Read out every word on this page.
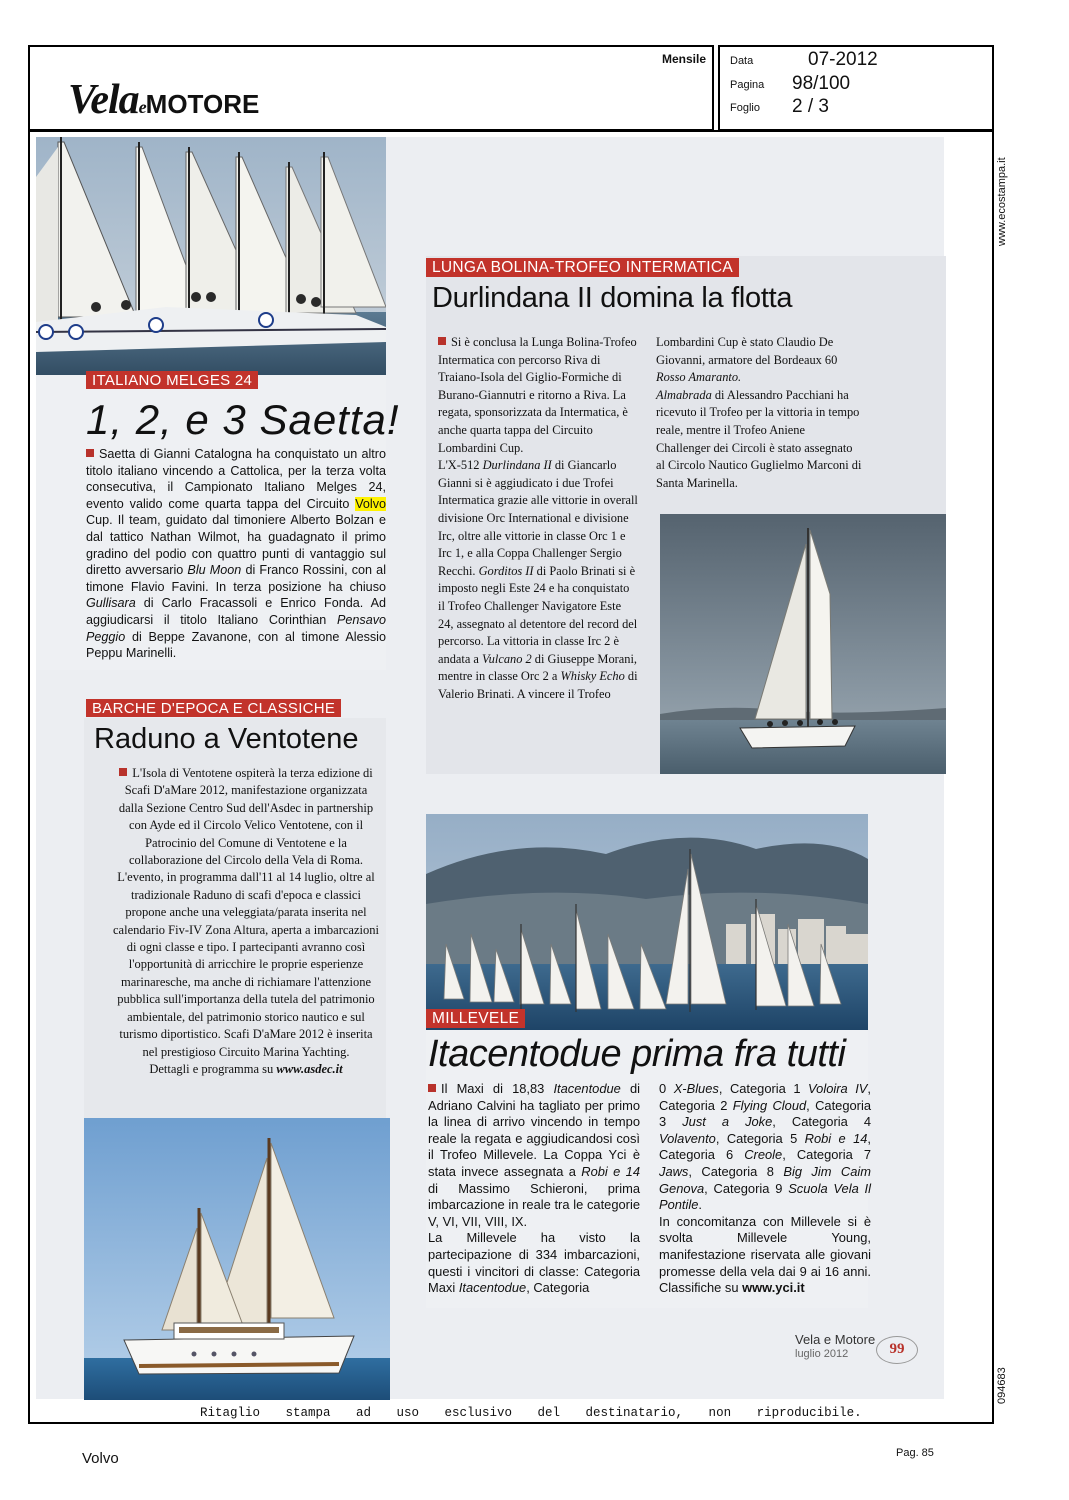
VelaeMOTORE
Mensile Data	07-2012
Pagina 98/100
Foglio 2 / 3
www.ecostampa.it
094683
ITALIANO MELGES 24
1, 2, e 3 Saetta!
Saetta di Gianni Catalogna ha conquistato un altro titolo italiano vincendo a Cattolica, per la terza volta consecutiva, il Campionato Italiano Melges 24, evento valido come quarta tappa del Circuito Volvo Cup. Il team, guidato dal timoniere Alberto Bolzan e dal tattico Nathan Wilmot, ha guadagnato il primo gradino del podio con quattro punti di vantaggio sul diretto avversario Blu Moon di Franco Rossini, con al timone Flavio Favini. In terza posizione ha chiuso Gullisara di Carlo Fracassoli e Enrico Fonda. Ad aggiudicarsi il titolo Italiano Corinthian Pensavo Peggio di Beppe Zavanone, con al timone Alessio Peppu Marinelli.
BARCHE D'EPOCA E CLASSICHE
Raduno a Ventotene
L'Isola di Ventotene ospiterà la terza edizione di Scafi D'aMare 2012, manifestazione organizzata dalla Sezione Centro Sud dell'Asdec in partnership con Ayde ed il Circolo Velico Ventotene, con il Patrocinio del Comune di Ventotene e la collaborazione del Circolo della Vela di Roma.
L'evento, in programma dall'11 al 14 luglio, oltre al tradizionale Raduno di scafi d'epoca e classici propone anche una veleggiata/parata inserita nel calendario Fiv-IV Zona Altura, aperta a imbarcazioni di ogni classe e tipo. I partecipanti avranno così l'opportunità di arricchire le proprie esperienze marinaresche, ma anche di richiamare l'attenzione pubblica sull'importanza della tutela del patrimonio ambientale, del patrimonio storico nautico e sul turismo diportistico. Scafi D'aMare 2012 è inserita nel prestigioso Circuito Marina Yachting.
Dettagli e programma su www.asdec.it
LUNGA BOLINA-TROFEO INTERMATICA
Durlindana II domina la flotta
Si è conclusa la Lunga Bolina-Trofeo Intermatica con percorso Riva di Traiano-Isola del Giglio-Formiche di Burano-Giannutri e ritorno a Riva. La regata, sponsorizzata da Intermatica, è anche quarta tappa del Circuito Lombardini Cup.
L'X-512 Durlindana II di Giancarlo Gianni si è aggiudicato i due Trofei Intermatica grazie alle vittorie in overall divisione Orc International e divisione Irc, oltre alle vittorie in classe Orc 1 e Irc 1, e alla Coppa Challenger Sergio Recchi. Gorditos II di Paolo Brinati si è imposto negli Este 24 e ha conquistato il Trofeo Challenger Navigatore Este 24, assegnato al detentore del record del percorso. La vittoria in classe Irc 2 è andata a Vulcano 2 di Giuseppe Morani, mentre in classe Orc 2 a Whisky Echo di Valerio Brinati. A vincere il Trofeo
Lombardini Cup è stato Claudio De Giovanni, armatore del Bordeaux 60 Rosso Amaranto.
Almabrada di Alessandro Pacchiani ha ricevuto il Trofeo per la vittoria in tempo reale, mentre il Trofeo Aniene Challenger dei Circoli è stato assegnato al Circolo Nautico Guglielmo Marconi di Santa Marinella.
MILLEVELE
Itacentodue prima fra tutti
Il Maxi di 18,83 Itacentodue di Adriano Calvini ha tagliato per primo la linea di arrivo vincendo in tempo reale la regata e aggiudicandosi così il Trofeo Millevele. La Coppa Yci è stata invece assegnata a Robi e 14 di Massimo Schieroni, prima imbarcazione in reale tra le categorie V, VI, VII, VIII, IX.
La Millevele ha visto la partecipazione di 334 imbarcazioni, questi i vincitori di classe: Categoria Maxi Itacentodue, Categoria
0 X-Blues, Categoria 1 Voloira IV, Categoria 2 Flying Cloud, Categoria 3 Just a Joke, Categoria 4 Volavento, Categoria 5 Robi e 14, Categoria 6 Creole, Categoria 7 Jaws, Categoria 8 Big Jim Caim Genova, Categoria 9 Scuola Vela Il Pontile.
In concomitanza con Millevele si è svolta Millevele Young, manifestazione riservata alle giovani promesse della vela dai 9 ai 16 anni. Classifiche su www.yci.it
Vela e Motore
luglio 2012	99
Ritaglio stampa ad uso esclusivo del destinatario, non riproducibile.
Volvo	Pag. 85
